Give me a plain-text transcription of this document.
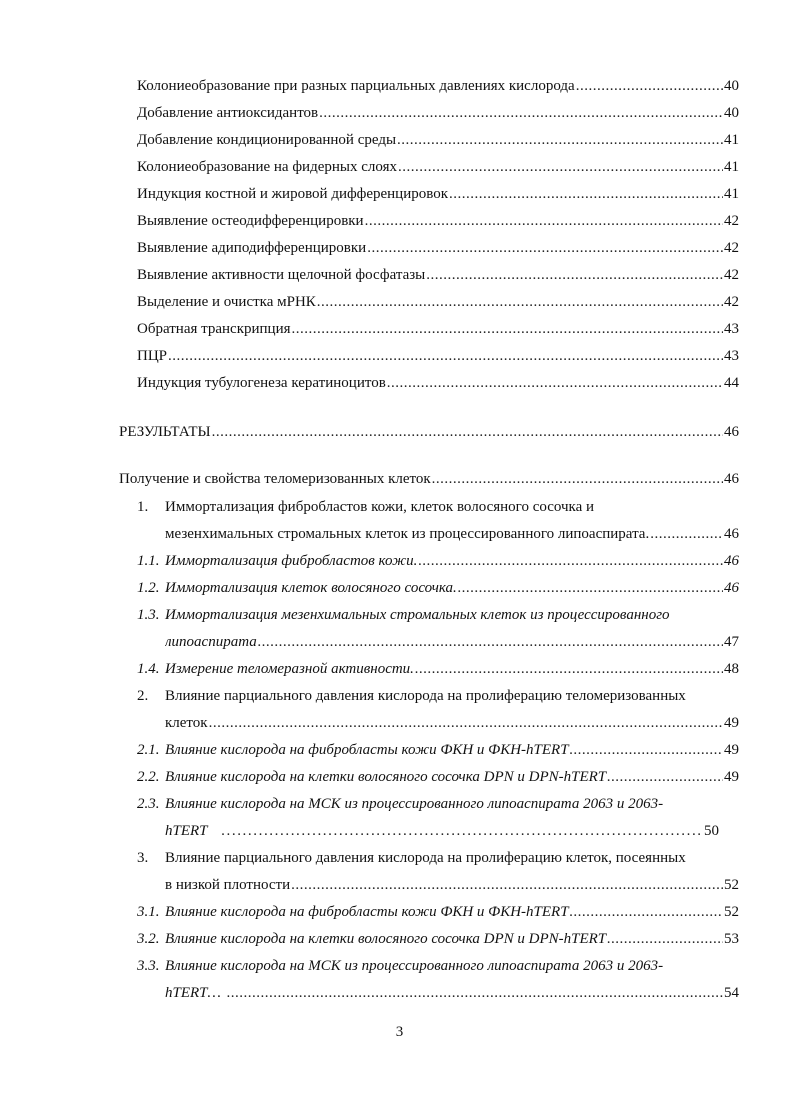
Колониеобразование при разных парциальных давлениях кислорода .....	40
Добавление антиоксидантов .....	40
Добавление кондиционированной среды .....	41
Колониеобразование на фидерных слоях .....	41
Индукция костной и жировой дифференцировок .....	41
Выявление остеодифференцировки .....	42
Выявление адиподифференцировки .....	42
Выявление активности щелочной фосфатазы .....	42
Выделение и очистка мРНК .....	42
Обратная транскрипция .....	43
ПЦР .....	43
Индукция тубулогенеза кератиноцитов .....	44
РЕЗУЛЬТАТЫ .....	46
Получение и свойства теломеризованных клеток .....	46
1. Иммортализация фибробластов кожи, клеток волосяного сосочка и
мезенхимальных стромальных клеток из процессированного липоаспирата. .....	46
1.1. Иммортализация фибробластов кожи. .....	46
1.2. Иммортализация клеток волосяного сосочка. .....	46
1.3. Иммортализация мезенхимальных стромальных клеток из процессированного
липоаспирата .....	47
1.4. Измерение теломеразной активности. .....	48
2. Влияние парциального давления кислорода на пролиферацию теломеризованных
клеток .....	49
2.1. Влияние кислорода на фибробласты кожи ФКН и ФКН-hTERT .....	49
2.2. Влияние кислорода на клетки волосяного сосочка DPN и DPN-hTERT .....	49
2.3. Влияние кислорода на МСК из процессированного липоаспирата 2063 и 2063-
hTERT .....	50
3. Влияние парциального давления кислорода на пролиферацию клеток, посеянных
в низкой плотности .....	52
3.1. Влияние кислорода на фибробласты кожи ФКН и ФКН-hTERT .....	52
3.2. Влияние кислорода на клетки волосяного сосочка DPN и DPN-hTERT .....	53
3.3. Влияние кислорода на МСК из процессированного липоаспирата 2063 и 2063-
hTERT… .....	54
3
